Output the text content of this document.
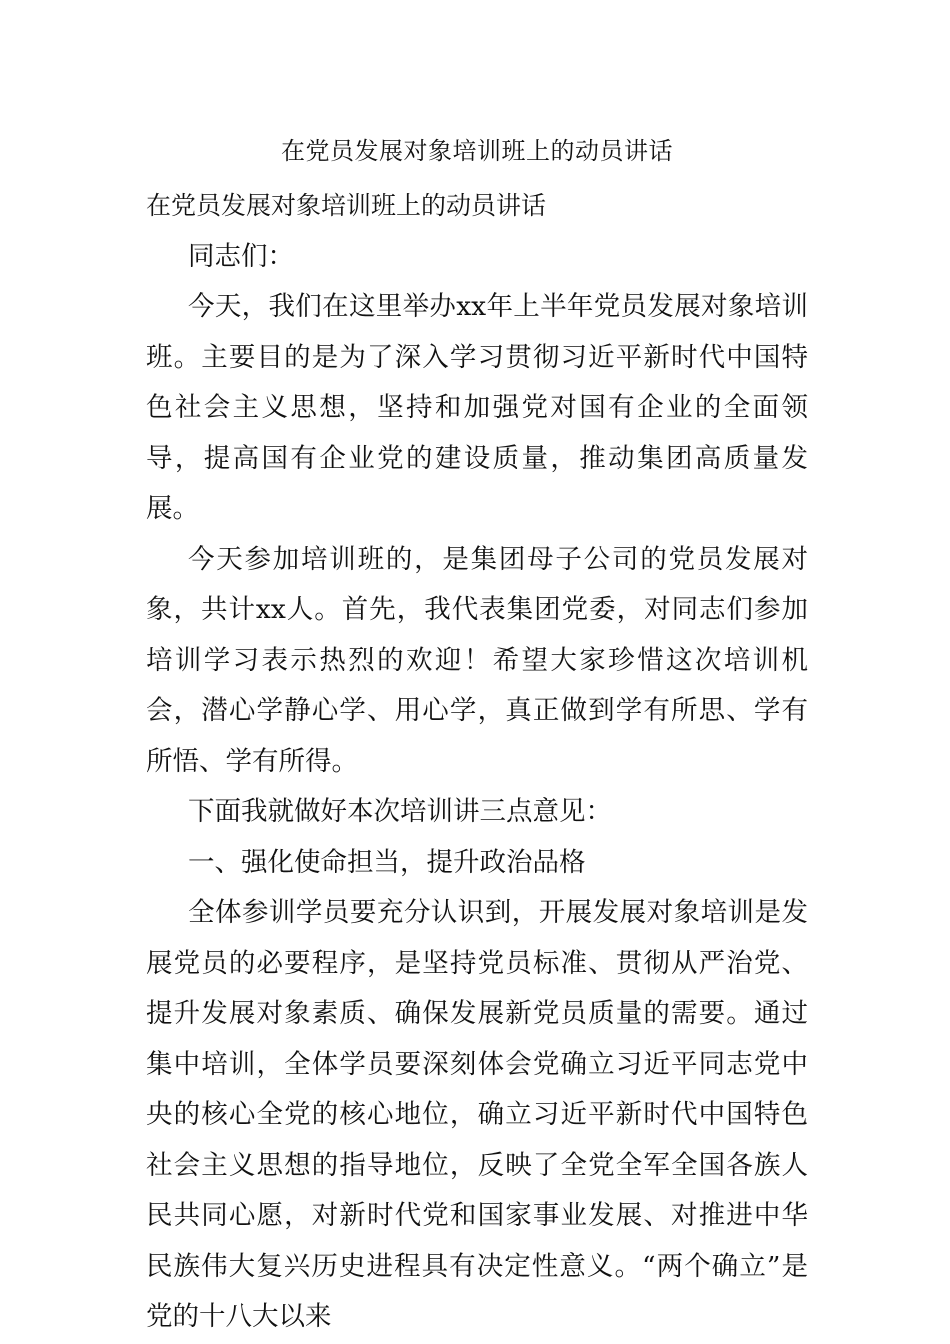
在党员发展对象培训班上的动员讲话

在党员发展对象培训班上的动员讲话

同志们：

今天，我们在这里举办xx年上半年党员发展对象培训班。主要目的是为了深入学习贯彻习近平新时代中国特色社会主义思想，坚持和加强党对国有企业的全面领导，提高国有企业党的建设质量，推动集团高质量发展。

今天参加培训班的，是集团母子公司的党员发展对象，共计xx人。首先，我代表集团党委，对同志们参加培训学习表示热烈的欢迎！希望大家珍惜这次培训机会，潜心学静心学、用心学，真正做到学有所思、学有所悟、学有所得。

下面我就做好本次培训讲三点意见：

一、强化使命担当，提升政治品格

全体参训学员要充分认识到，开展发展对象培训是发展党员的必要程序，是坚持党员标准、贯彻从严治党、提升发展对象素质、确保发展新党员质量的需要。通过集中培训，全体学员要深刻体会党确立习近平同志党中央的核心全党的核心地位，确立习近平新时代中国特色社会主义思想的指导地位，反映了全党全军全国各族人民共同心愿，对新时代党和国家事业发展、对推进中华民族伟大复兴历史进程具有决定性意义。“两个确立”是党的十八大以来
